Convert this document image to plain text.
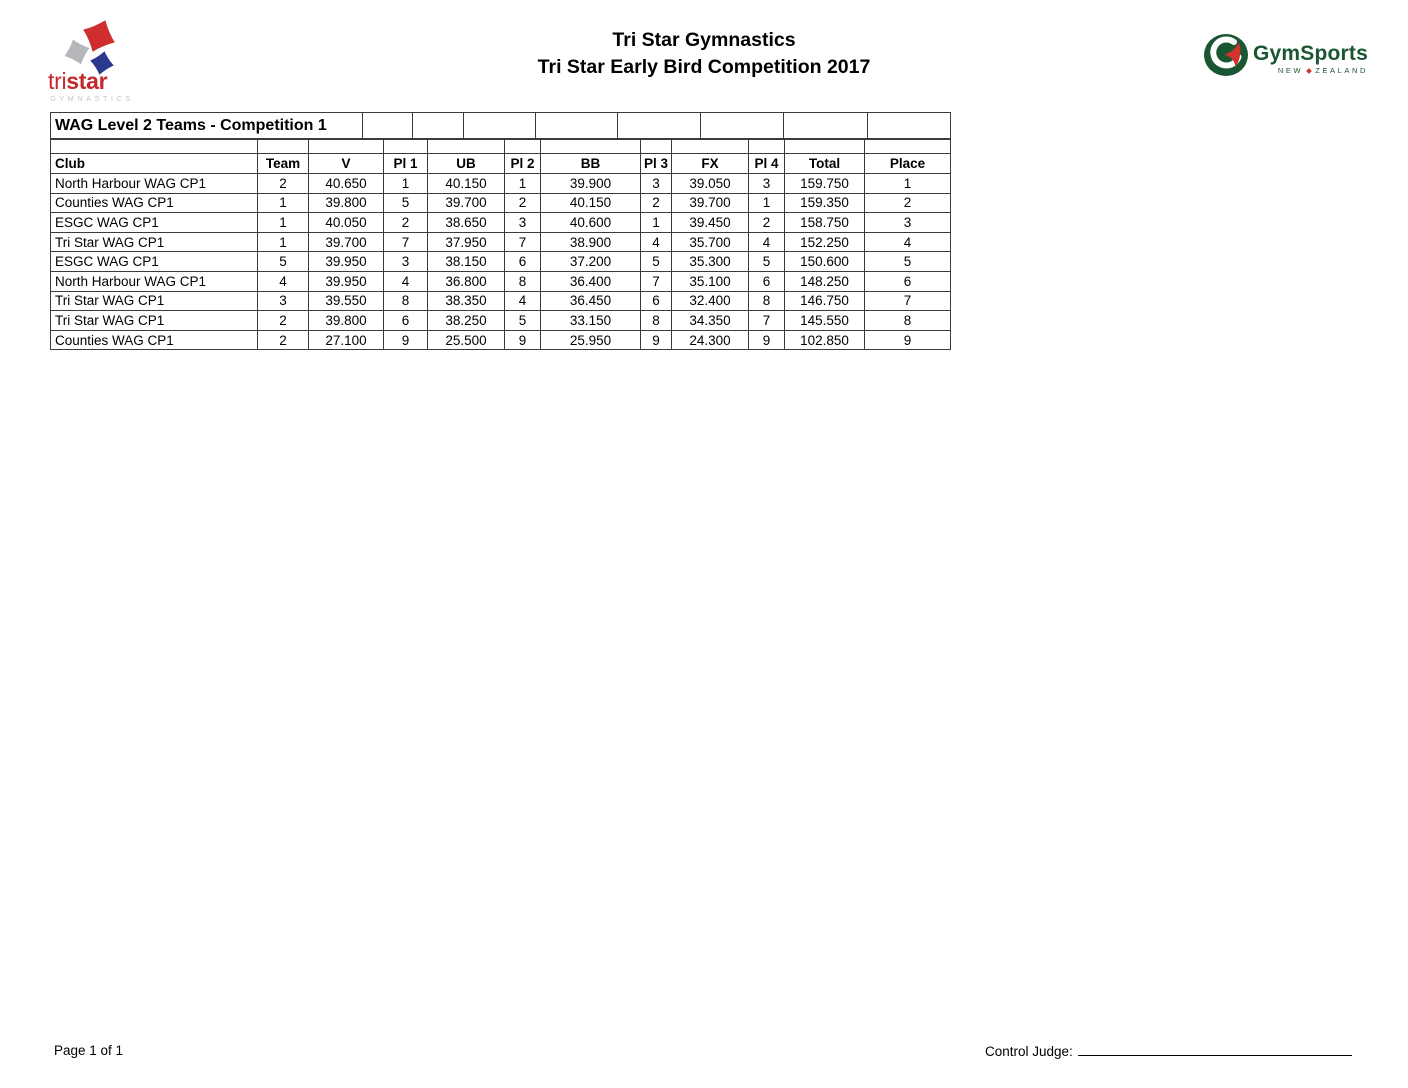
tristar
GYMNASTICS
Tri Star Gymnastics
Tri Star Early Bird Competition 2017
GymSports
NEW ZEALAND
WAG Level 2 Teams - Competition 1								

Club	Team	V	Pl 1	UB	Pl 2	BB	Pl 3	FX	Pl 4	Total	Place
North Harbour WAG CP1	2	40.650	1	40.150	1	39.900	3	39.050	3	159.750	1
Counties WAG CP1	1	39.800	5	39.700	2	40.150	2	39.700	1	159.350	2
ESGC WAG CP1	1	40.050	2	38.650	3	40.600	1	39.450	2	158.750	3
Tri Star WAG CP1	1	39.700	7	37.950	7	38.900	4	35.700	4	152.250	4
ESGC WAG CP1	5	39.950	3	38.150	6	37.200	5	35.300	5	150.600	5
North Harbour WAG CP1	4	39.950	4	36.800	8	36.400	7	35.100	6	148.250	6
Tri Star WAG CP1	3	39.550	8	38.350	4	36.450	6	32.400	8	146.750	7
Tri Star WAG CP1	2	39.800	6	38.250	5	33.150	8	34.350	7	145.550	8
Counties WAG CP1	2	27.100	9	25.500	9	25.950	9	24.300	9	102.850	9
Page 1 of 1	Control Judge:
